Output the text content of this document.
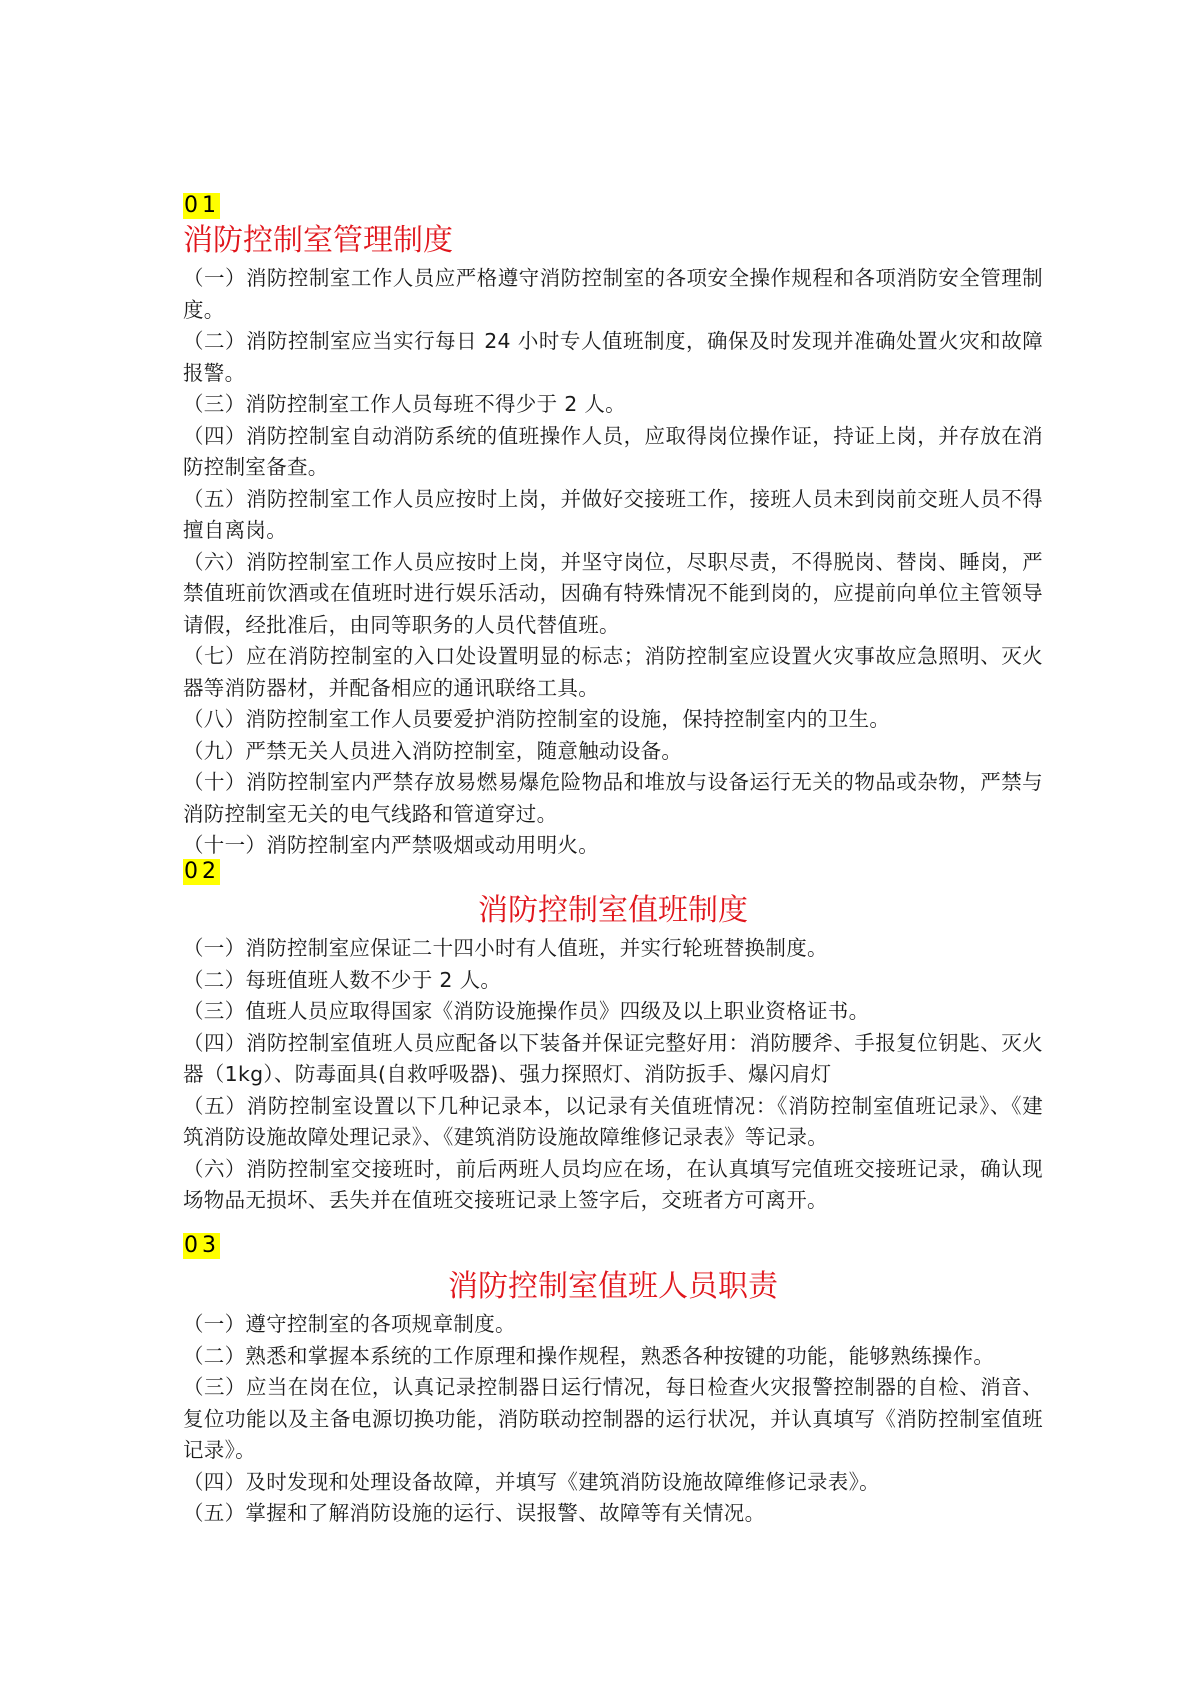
01
消防控制室管理制度
（一）消防控制室工作人员应严格遵守消防控制室的各项安全操作规程和各项消防安全管理制度。
（二）消防控制室应当实行每日 24 小时专人值班制度，确保及时发现并准确处置火灾和故障报警。
（三）消防控制室工作人员每班不得少于 2 人。
（四）消防控制室自动消防系统的值班操作人员，应取得岗位操作证，持证上岗，并存放在消防控制室备查。
（五）消防控制室工作人员应按时上岗，并做好交接班工作，接班人员未到岗前交班人员不得擅自离岗。
（六）消防控制室工作人员应按时上岗，并坚守岗位，尽职尽责，不得脱岗、替岗、睡岗，严禁值班前饮酒或在值班时进行娱乐活动，因确有特殊情况不能到岗的，应提前向单位主管领导请假，经批准后，由同等职务的人员代替值班。
（七）应在消防控制室的入口处设置明显的标志；消防控制室应设置火灾事故应急照明、灭火器等消防器材，并配备相应的通讯联络工具。
（八）消防控制室工作人员要爱护消防控制室的设施，保持控制室内的卫生。
（九）严禁无关人员进入消防控制室，随意触动设备。
（十）消防控制室内严禁存放易燃易爆危险物品和堆放与设备运行无关的物品或杂物，严禁与消防控制室无关的电气线路和管道穿过。
（十一）消防控制室内严禁吸烟或动用明火。
02
消防控制室值班制度
（一）消防控制室应保证二十四小时有人值班，并实行轮班替换制度。
（二）每班值班人数不少于 2 人。
（三）值班人员应取得国家《消防设施操作员》四级及以上职业资格证书。
（四）消防控制室值班人员应配备以下装备并保证完整好用：消防腰斧、手报复位钥匙、灭火器（1kg）、防毒面具(自救呼吸器)、强力探照灯、消防扳手、爆闪肩灯
（五）消防控制室设置以下几种记录本，以记录有关值班情况：《消防控制室值班记录》、《建筑消防设施故障处理记录》、《建筑消防设施故障维修记录表》等记录。
（六）消防控制室交接班时，前后两班人员均应在场，在认真填写完值班交接班记录，确认现场物品无损坏、丢失并在值班交接班记录上签字后，交班者方可离开。
03
消防控制室值班人员职责
（一）遵守控制室的各项规章制度。
（二）熟悉和掌握本系统的工作原理和操作规程，熟悉各种按键的功能，能够熟练操作。
（三）应当在岗在位，认真记录控制器日运行情况，每日检查火灾报警控制器的自检、消音、复位功能以及主备电源切换功能，消防联动控制器的运行状况，并认真填写《消防控制室值班记录》。
（四）及时发现和处理设备故障，并填写《建筑消防设施故障维修记录表》。
（五）掌握和了解消防设施的运行、误报警、故障等有关情况。
